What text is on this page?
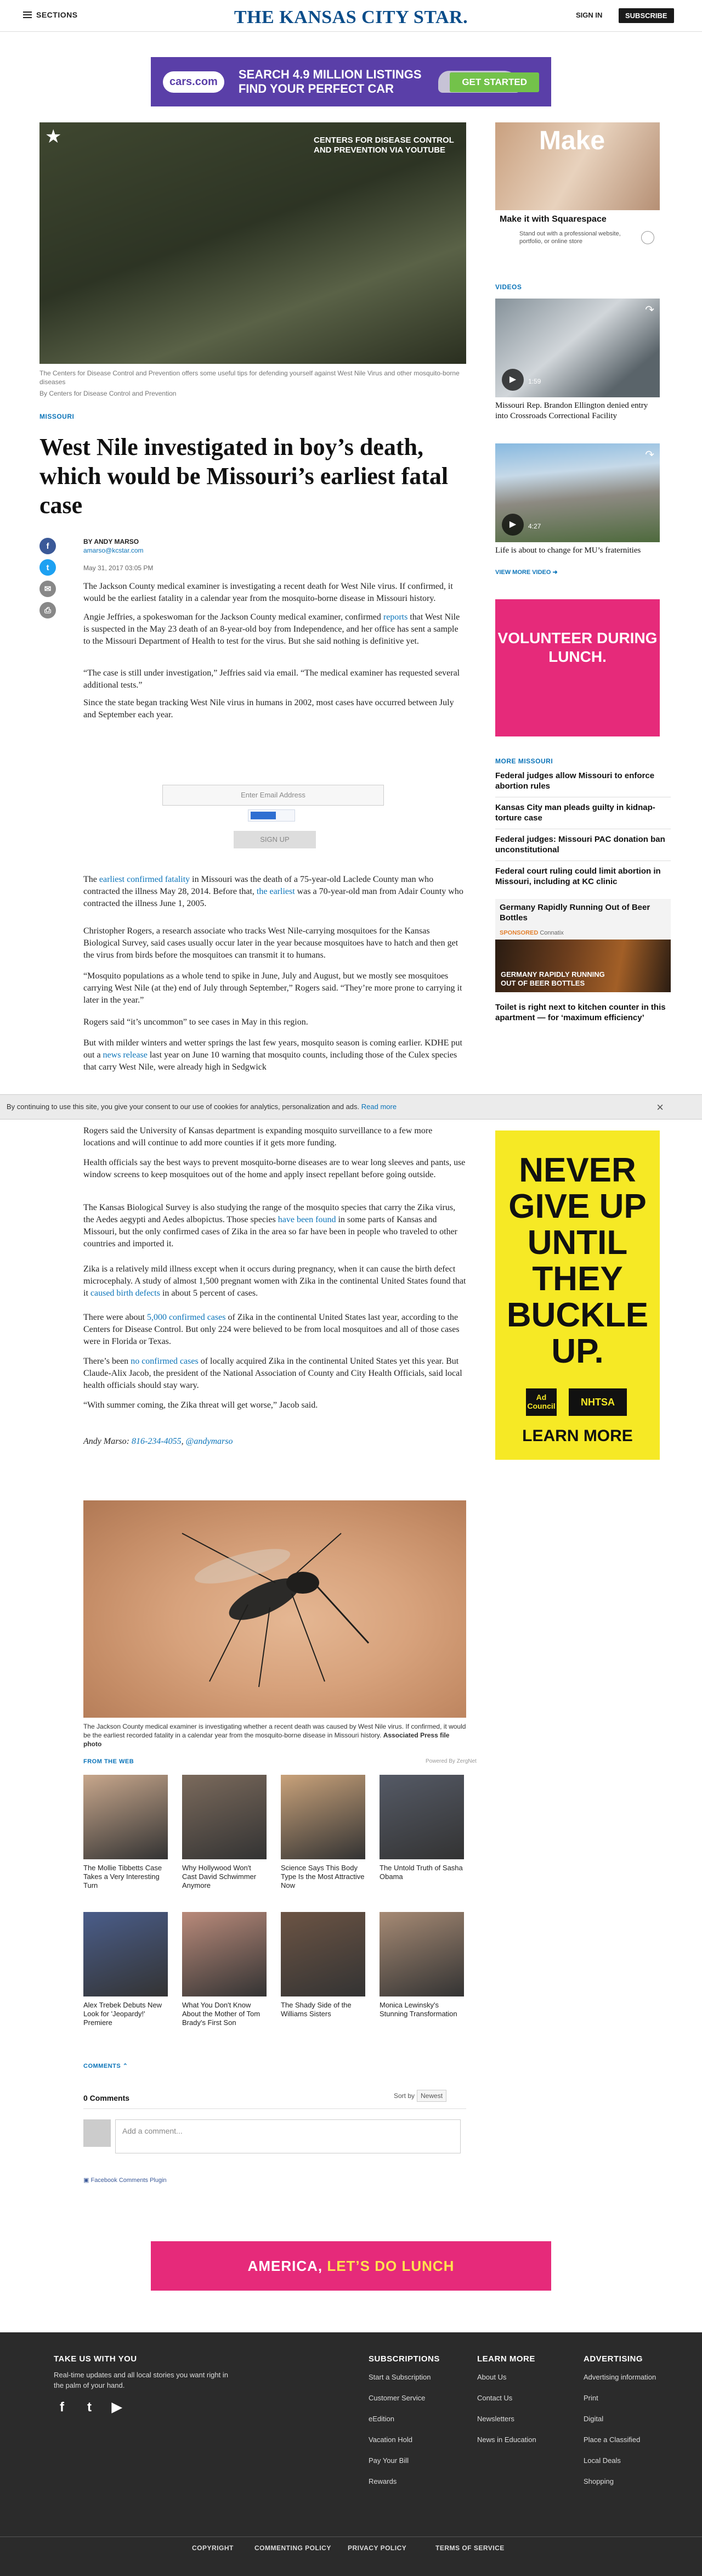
SECTIONS	THE KANSAS CITY STAR.	SIGN IN	SUBSCRIBE
cars.com
SEARCH 4.9 MILLION LISTINGS
FIND YOUR PERFECT CAR	GET STARTED
★	CENTERS FOR DISEASE CONTROL AND PREVENTION VIA YOUTUBE
The Centers for Disease Control and Prevention offers some useful tips for defending yourself against West Nile Virus and other mosquito-borne diseases
By Centers for Disease Control and Prevention
MISSOURI
West Nile investigated in boy’s death, which would be Missouri’s earliest fatal case
f
t
✉
⎙
BY ANDY MARSO
amarso@kcstar.com
May 31, 2017 03:05 PM

The Jackson County medical examiner is investigating a recent death for West Nile virus. If confirmed, it would be the earliest fatality in a calendar year from the mosquito-borne disease in Missouri history.

Angie Jeffries, a spokeswoman for the Jackson County medical examiner, confirmed reports that West Nile is suspected in the May 23 death of an 8-year-old boy from Independence, and her office has sent a sample to the Missouri Department of Health to test for the virus. But she said nothing is definitive yet.

“The case is still under investigation,” Jeffries said via email. “The medical examiner has requested several additional tests.”

Since the state began tracking West Nile virus in humans in 2002, most cases have occurred between July and September each year.

Enter Email Address
SIGN UP

The earliest confirmed fatality in Missouri was the death of a 75-year-old Laclede County man who contracted the illness May 28, 2014. Before that, the earliest was a 70-year-old man from Adair County who contracted the illness June 1, 2005.

Christopher Rogers, a research associate who tracks West Nile-carrying mosquitoes for the Kansas Biological Survey, said cases usually occur later in the year because mosquitoes have to hatch and then get the virus from birds before the mosquitoes can transmit it to humans.

“Mosquito populations as a whole tend to spike in June, July and August, but we mostly see mosquitoes carrying West Nile (at the) end of July through September,” Rogers said. “They’re more prone to carrying it later in the year.”

Rogers said “it’s uncommon” to see cases in May in this region.

But with milder winters and wetter springs the last few years, mosquito season is coming earlier. KDHE put out a news release last year on June 10 warning that mosquito counts, including those of the Culex species that carry West Nile, were already high in Sedgwick

By continuing to use this site, you give your consent to our use of cookies for analytics, personalization and ads. Read more	×

Rogers said the University of Kansas department is expanding mosquito surveillance to a few more locations and will continue to add more counties if it gets more funding.

Health officials say the best ways to prevent mosquito-borne diseases are to wear long sleeves and pants, use window screens to keep mosquitoes out of the home and apply insect repellant before going outside.

The Kansas Biological Survey is also studying the range of the mosquito species that carry the Zika virus, the Aedes aegypti and Aedes albopictus. Those species have been found in some parts of Kansas and Missouri, but the only confirmed cases of Zika in the area so far have been in people who traveled to other countries and imported it.

Zika is a relatively mild illness except when it occurs during pregnancy, when it can cause the birth defect microcephaly. A study of almost 1,500 pregnant women with Zika in the continental United States found that it caused birth defects in about 5 percent of cases.

There were about 5,000 confirmed cases of Zika in the continental United States last year, according to the Centers for Disease Control. But only 224 were believed to be from local mosquitoes and all of those cases were in Florida or Texas.

There’s been no confirmed cases of locally acquired Zika in the continental United States yet this year. But Claude-Alix Jacob, the president of the National Association of County and City Health Officials, said local health officials should stay wary.

“With summer coming, the Zika threat will get worse,” Jacob said.

Andy Marso: 816-234-4055, @andymarso

The Jackson County medical examiner is investigating whether a recent death was caused by West Nile virus. If confirmed, it would be the earliest recorded fatality in a calendar year from the mosquito-borne disease in Missouri history. Associated Press file photo
FROM THE WEB	Powered By ZergNet
The Mollie Tibbetts Case Takes a Very Interesting Turn
Why Hollywood Won't Cast David Schwimmer Anymore
Science Says This Body Type Is the Most Attractive Now
The Untold Truth of Sasha Obama
Alex Trebek Debuts New Look for 'Jeopardy!' Premiere
What You Don't Know About the Mother of Tom Brady's First Son
The Shady Side of the Williams Sisters
Monica Lewinsky's Stunning Transformation
COMMENTS ⌃
0 Comments	Sort by Newest
Add a comment...
▣ Facebook Comments Plugin
AMERICA, LET’S DO LUNCH
Make
Make it with Squarespace
Stand out with a professional website, portfolio, or online store
VIDEOS
↷
▶	1:59
Missouri Rep. Brandon Ellington denied entry into Crossroads Correctional Facility
↷
▶	4:27
Life is about to change for MU’s fraternities
VIEW MORE VIDEO ➜
VOLUNTEER DURING LUNCH.
MORE MISSOURI
Federal judges allow Missouri to enforce abortion rules
Kansas City man pleads guilty in kidnap-torture case
Federal judges: Missouri PAC donation ban unconstitutional
Federal court ruling could limit abortion in Missouri, including at KC clinic
Germany Rapidly Running Out of Beer Bottles
SPONSORED Connatix
GERMANY RAPIDLY RUNNING OUT OF BEER BOTTLES
Toilet is right next to kitchen counter in this apartment — for ‘maximum efficiency’
NEVER GIVE UP UNTIL THEY BUCKLE UP.
Ad Council	NHTSA
LEARN MORE
TAKE US WITH YOU
Real-time updates and all local stories you want right in the palm of your hand.
f	t	▶
SUBSCRIPTIONS
Start a Subscription
Customer Service
eEdition
Vacation Hold
Pay Your Bill
Rewards
LEARN MORE
About Us
Contact Us
Newsletters
News in Education
ADVERTISING
Advertising information
Print
Digital
Place a Classified
Local Deals
Shopping
COPYRIGHT	COMMENTING POLICY	PRIVACY POLICY	TERMS OF SERVICE
